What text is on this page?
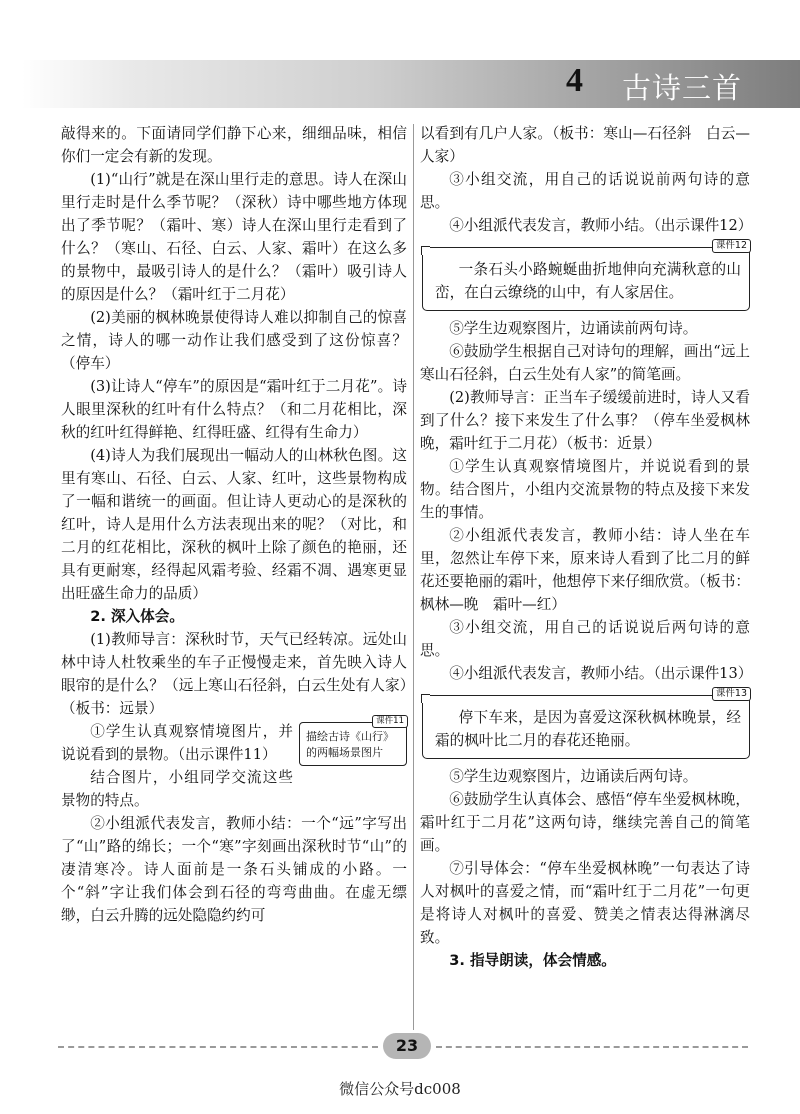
4 古诗三首

敲得来的。下面请同学们静下心来，细细品味，相信你们一定会有新的发现。

(1)“山行”就是在深山里行走的意思。诗人在深山里行走时是什么季节呢？（深秋）诗中哪些地方体现出了季节呢？（霜叶、寒）诗人在深山里行走看到了什么？（寒山、石径、白云、人家、霜叶）在这么多的景物中，最吸引诗人的是什么？（霜叶）吸引诗人的原因是什么？（霜叶红于二月花）

(2)美丽的枫林晚景使得诗人难以抑制自己的惊喜之情，诗人的哪一动作让我们感受到了这份惊喜？（停车）

(3)让诗人“停车”的原因是“霜叶红于二月花”。诗人眼里深秋的红叶有什么特点？（和二月花相比，深秋的红叶红得鲜艳、红得旺盛、红得有生命力）

(4)诗人为我们展现出一幅动人的山林秋色图。这里有寒山、石径、白云、人家、红叶，这些景物构成了一幅和谐统一的画面。但让诗人更动心的是深秋的红叶，诗人是用什么方法表现出来的呢？（对比，和二月的红花相比，深秋的枫叶上除了颜色的艳丽，还具有更耐寒，经得起风霜考验、经霜不凋、遇寒更显出旺盛生命力的品质）

2. 深入体会。

(1)教师导言：深秋时节，天气已经转凉。远处山林中诗人杜牧乘坐的车子正慢慢走来，首先映入诗人眼帘的是什么？（远上寒山石径斜，白云生处有人家）（板书：远景）

课件11
描绘古诗《山行》的两幅场景图片

①学生认真观察情境图片，并说说看到的景物。（出示课件11）

结合图片，小组同学交流这些景物的特点。

②小组派代表发言，教师小结：一个“远”字写出了“山”路的绵长；一个“寒”字刻画出深秋时节“山”的凄清寒冷。诗人面前是一条石头铺成的小路。一个“斜”字让我们体会到石径的弯弯曲曲。在虚无缥缈，白云升腾的远处隐隐约约可

以看到有几户人家。（板书：寒山—石径斜　白云—人家）

③小组交流，用自己的话说说前两句诗的意思。

④小组派代表发言，教师小结。（出示课件12）

课件12
一条石头小路蜿蜒曲折地伸向充满秋意的山峦，在白云缭绕的山中，有人家居住。

⑤学生边观察图片，边诵读前两句诗。

⑥鼓励学生根据自己对诗句的理解，画出“远上寒山石径斜，白云生处有人家”的简笔画。

(2)教师导言：正当车子缓缓前进时，诗人又看到了什么？接下来发生了什么事？（停车坐爱枫林晚，霜叶红于二月花）（板书：近景）

①学生认真观察情境图片，并说说看到的景物。结合图片，小组内交流景物的特点及接下来发生的事情。

②小组派代表发言，教师小结：诗人坐在车里，忽然让车停下来，原来诗人看到了比二月的鲜花还要艳丽的霜叶，他想停下来仔细欣赏。（板书：枫林—晚　霜叶—红）

③小组交流，用自己的话说说后两句诗的意思。

④小组派代表发言，教师小结。（出示课件13）

课件13
停下车来，是因为喜爱这深秋枫林晚景，经霜的枫叶比二月的春花还艳丽。

⑤学生边观察图片，边诵读后两句诗。

⑥鼓励学生认真体会、感悟“停车坐爱枫林晚，霜叶红于二月花”这两句诗，继续完善自己的简笔画。

⑦引导体会：“停车坐爱枫林晚”一句表达了诗人对枫叶的喜爱之情，而“霜叶红于二月花”一句更是将诗人对枫叶的喜爱、赞美之情表达得淋漓尽致。

3. 指导朗读，体会情感。

23
微信公众号dc008
